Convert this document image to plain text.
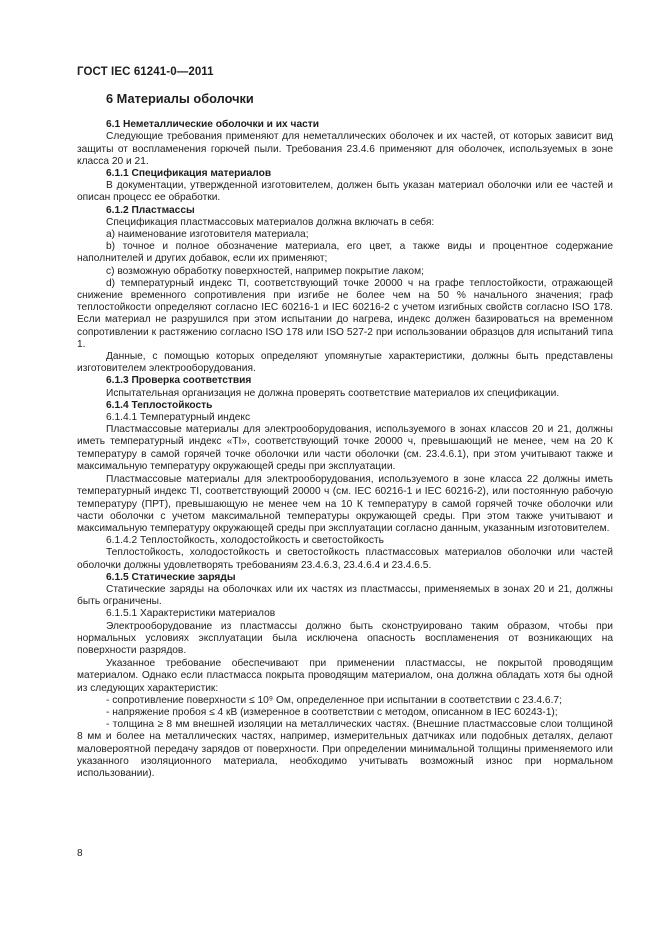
ГОСТ IEC 61241-0—2011

6 Материалы оболочки

6.1 Неметаллические оболочки и их части

Следующие требования применяют для неметаллических оболочек и их частей, от которых зависит вид защиты от воспламенения горючей пыли. Требования 23.4.6 применяют для оболочек, используемых в зоне класса 20 и 21.

6.1.1 Спецификация материалов

В документации, утвержденной изготовителем, должен быть указан материал оболочки или ее частей и описан процесс ее обработки.

6.1.2 Пластмассы

Спецификация пластмассовых материалов должна включать в себя:

a) наименование изготовителя материала;

b) точное и полное обозначение материала, его цвет, а также виды и процентное содержание наполнителей и других добавок, если их применяют;

c) возможную обработку поверхностей, например покрытие лаком;

d) температурный индекс TI, соответствующий точке 20000 ч на графе теплостойкости, отражающей снижение временного сопротивления при изгибе не более чем на 50 % начального значения; граф теплостойкости определяют согласно IEC 60216-1 и IEC 60216-2 с учетом изгибных свойств согласно ISO 178. Если материал не разрушился при этом испытании до нагрева, индекс должен базироваться на временном сопротивлении к растяжению согласно ISO 178 или ISO 527-2 при использовании образцов для испытаний типа 1.

Данные, с помощью которых определяют упомянутые характеристики, должны быть представлены изготовителем электрооборудования.

6.1.3 Проверка соответствия

Испытательная организация не должна проверять соответствие материалов их спецификации.

6.1.4 Теплостойкость

6.1.4.1 Температурный индекс

Пластмассовые материалы для электрооборудования, используемого в зонах классов 20 и 21, должны иметь температурный индекс «TI», соответствующий точке 20000 ч, превышающий не менее, чем на 20 К температуру в самой горячей точке оболочки или части оболочки (см. 23.4.6.1), при этом учитывают также и максимальную температуру окружающей среды при эксплуатации.

Пластмассовые материалы для электрооборудования, используемого в зоне класса 22 должны иметь температурный индекс TI, соответствующий 20000 ч (см. IEC 60216-1 и IEC 60216-2), или постоянную рабочую температуру (ПРТ), превышающую не менее чем на 10 К температуру в самой горячей точке оболочки или части оболочки с учетом максимальной температуры окружающей среды. При этом также учитывают и максимальную температуру окружающей среды при эксплуатации согласно данным, указанным изготовителем.

6.1.4.2 Теплостойкость, холодостойкость и светостойкость

Теплостойкость, холодостойкость и светостойкость пластмассовых материалов оболочки или частей оболочки должны удовлетворять требованиям 23.4.6.3, 23.4.6.4 и 23.4.6.5.

6.1.5 Статические заряды

Статические заряды на оболочках или их частях из пластмассы, применяемых в зонах 20 и 21, должны быть ограничены.

6.1.5.1 Характеристики материалов

Электрооборудование из пластмассы должно быть сконструировано таким образом, чтобы при нормальных условиях эксплуатации была исключена опасность воспламенения от возникающих на поверхности разрядов.

Указанное требование обеспечивают при применении пластмассы, не покрытой проводящим материалом. Однако если пластмасса покрыта проводящим материалом, она должна обладать хотя бы одной из следующих характеристик:

- сопротивление поверхности ≤ 10⁹ Ом, определенное при испытании в соответствии с 23.4.6.7;

- напряжение пробоя ≤ 4 кВ (измеренное в соответствии с методом, описанном в IEC 60243-1);

- толщина ≥ 8 мм внешней изоляции на металлических частях. (Внешние пластмассовые слои толщиной 8 мм и более на металлических частях, например, измерительных датчиках или подобных деталях, делают маловероятной передачу зарядов от поверхности. При определении минимальной толщины применяемого или указанного изоляционного материала, необходимо учитывать возможный износ при нормальном использовании).

8
